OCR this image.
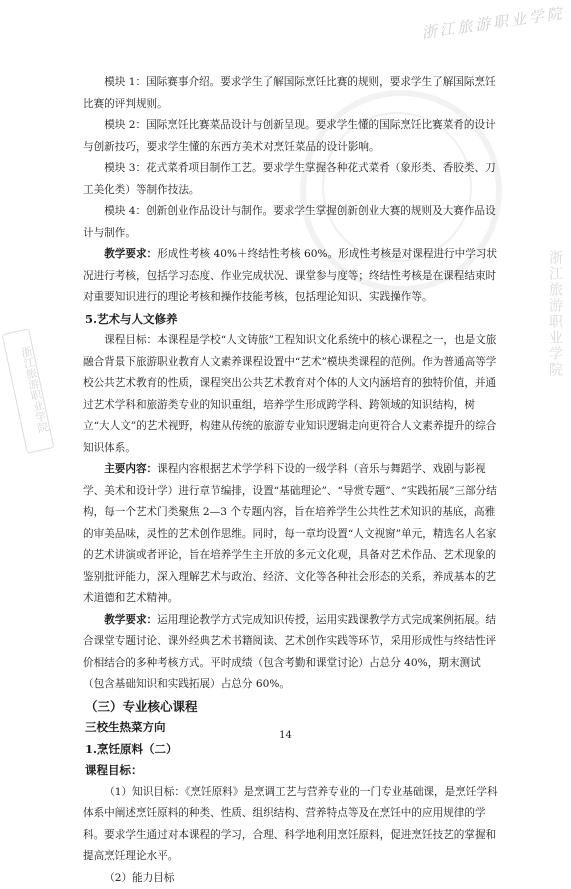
浙江旅游职业学院
浙江旅游职业学院
浙江旅游职业学院

模块 1：国际赛事介绍。要求学生了解国际烹饪比赛的规则，要求学生了解国际烹饪比赛的评判规则。

模块 2：国际烹饪比赛菜品设计与创新呈现。要求学生懂的国际烹饪比赛菜肴的设计与创新技巧，要求学生懂的东西方美术对烹饪菜品的设计影响。

模块 3：花式菜肴项目制作工艺。要求学生掌握各种花式菜肴（象形类、香胶类、刀工美化类）等制作技法。

模块 4：创新创业作品设计与制作。要求学生掌握创新创业大赛的规则及大赛作品设计与制作。

教学要求：形成性考核 40%＋终结性考核 60%。形成性考核是对课程进行中学习状况进行考核，包括学习态度、作业完成状况、课堂参与度等；终结性考核是在课程结束时对重要知识进行的理论考核和操作技能考核，包括理论知识、实践操作等。

5.艺术与人文修养

课程目标：本课程是学校“人文铸旅”工程知识文化系统中的核心课程之一，也是文旅融合背景下旅游职业教育人文素养课程设置中“艺术”模块类课程的范例。作为普通高等学校公共艺术教育的性质，课程突出公共艺术教育对个体的人文内涵培育的独特价值，并通过艺术学科和旅游类专业的知识重组，培养学生形成跨学科、跨领域的知识结构，树立“大人文”的艺术视野，构建从传统的旅游专业知识逻辑走向更符合人文素养提升的综合知识体系。

主要内容：课程内容根据艺术学学科下设的一级学科（音乐与舞蹈学、戏剧与影视学、美术和设计学）进行章节编排，设置“基础理论”、“导赏专题”、“实践拓展”三部分结构，每一个艺术门类聚焦 2—3 个专题内容，旨在培养学生公共性艺术知识的基底，高雅的审美品味，灵性的艺术创作思维。同时，每一章均设置“人文视窗”单元，精选名人名家的艺术讲演或者评论，旨在培养学生主开放的多元文化观，具备对艺术作品、艺术现象的鉴别批评能力，深入理解艺术与政治、经济、文化等各种社会形态的关系，养成基本的艺术道德和艺术精神。

教学要求：运用理论教学方式完成知识传授，运用实践课教学方式完成案例拓展。结合课堂专题讨论、课外经典艺术书籍阅读、艺术创作实践等环节，采用形成性与终结性评价相结合的多种考核方式。平时成绩（包含考勤和课堂讨论）占总分 40%，期末测试（包含基础知识和实践拓展）占总分 60%。

（三）专业核心课程

三校生热菜方向

1.烹饪原料（二）

课程目标：

（1）知识目标：《烹饪原料》是烹调工艺与营养专业的一门专业基础课，是烹饪学科体系中阐述烹饪原料的种类、性质、组织结构、营养特点等及在烹饪中的应用规律的学科。要求学生通过对本课程的学习，合理、科学地利用烹饪原料，促进烹饪技艺的掌握和提高烹饪理论水平。

（2）能力目标

14
